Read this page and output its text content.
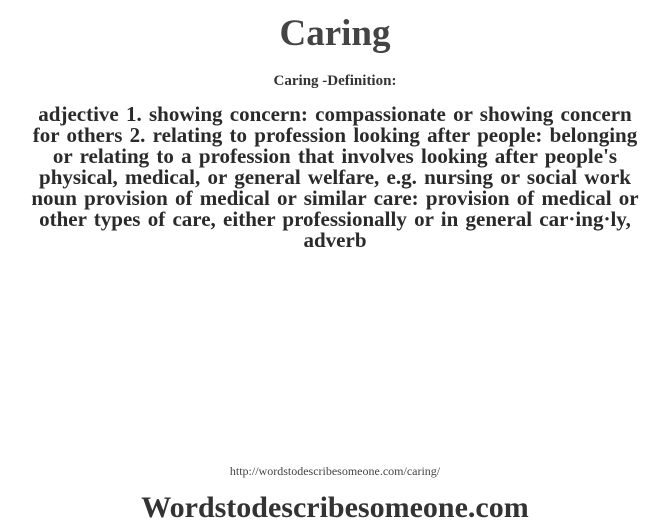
Caring
Caring -Definition:
adjective 1. showing concern: compassionate or showing concern for others 2. relating to profession looking after people: belonging or relating to a profession that involves looking after people's physical, medical, or general welfare, e.g. nursing or social work noun provision of medical or similar care: provision of medical or other types of care, either professionally or in general car·ing·ly, adverb
http://wordstodescribesomeone.com/caring/
Wordstodescribesomeone.com
